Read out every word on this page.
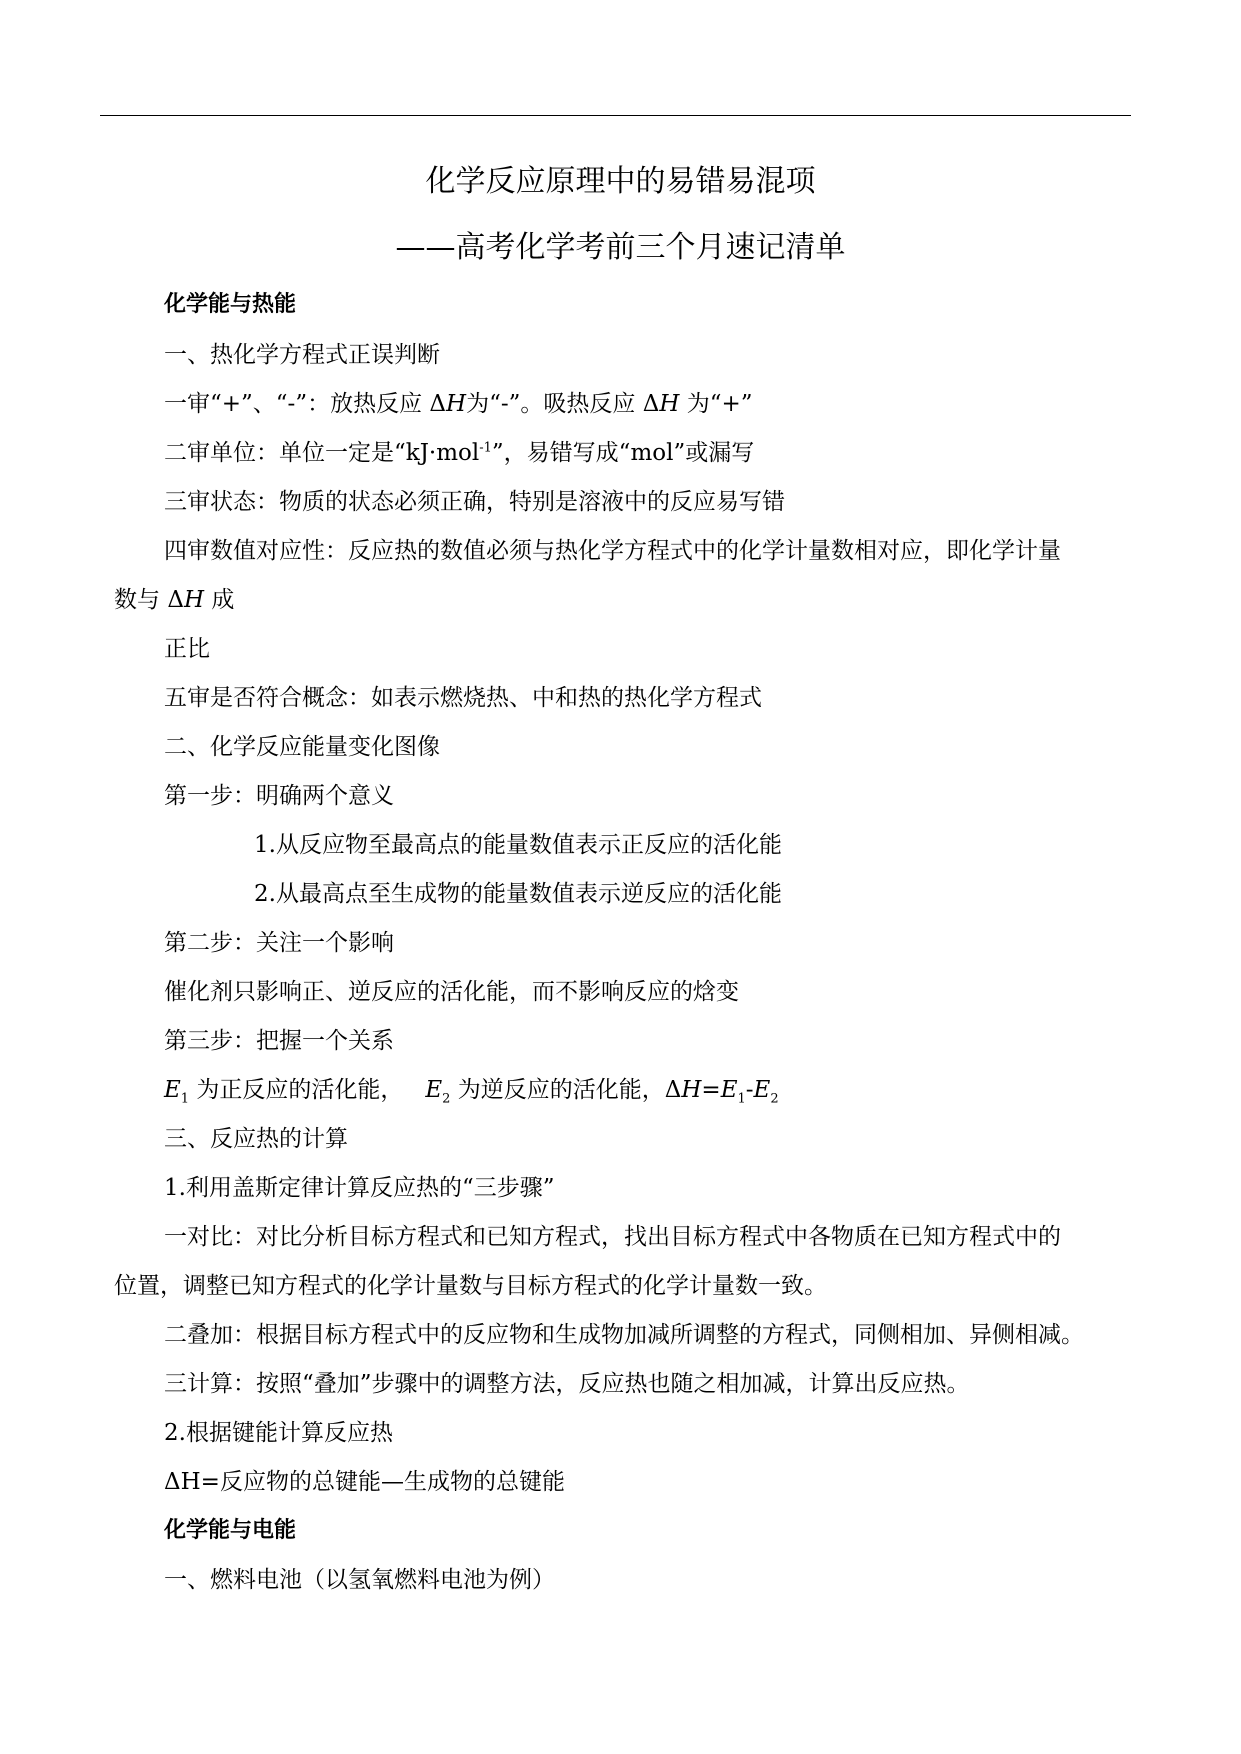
化学反应原理中的易错易混项
——高考化学考前三个月速记清单
化学能与热能
一、热化学方程式正误判断
一审“+”、“-”：放热反应 ΔH为“-”。吸热反应 ΔH 为“+”
二审单位：单位一定是“kJ·mol$^{-1}$”，易错写成“mol”或漏写
三审状态：物质的状态必须正确，特别是溶液中的反应易写错
四审数值对应性：反应热的数值必须与热化学方程式中的化学计量数相对应，即化学计量
数与 ΔH 成
正比
五审是否符合概念：如表示燃烧热、中和热的热化学方程式
二、化学反应能量变化图像
第一步：明确两个意义
1.从反应物至最高点的能量数值表示正反应的活化能
2.从最高点至生成物的能量数值表示逆反应的活化能
第二步：关注一个影响
催化剂只影响正、逆反应的活化能，而不影响反应的焓变
第三步：把握一个关系
$E_1$ 为正反应的活化能， $E_2$ 为逆反应的活化能，$\Delta H=E_1-E_2$
三、反应热的计算
1.利用盖斯定律计算反应热的“三步骤”
一对比：对比分析目标方程式和已知方程式，找出目标方程式中各物质在已知方程式中的
位置，调整已知方程式的化学计量数与目标方程式的化学计量数一致。
二叠加：根据目标方程式中的反应物和生成物加减所调整的方程式，同侧相加、异侧相减。
三计算：按照“叠加”步骤中的调整方法，反应热也随之相加减，计算出反应热。
2.根据键能计算反应热
ΔH=反应物的总键能—生成物的总键能
化学能与电能
一、燃料电池（以氢氧燃料电池为例）
